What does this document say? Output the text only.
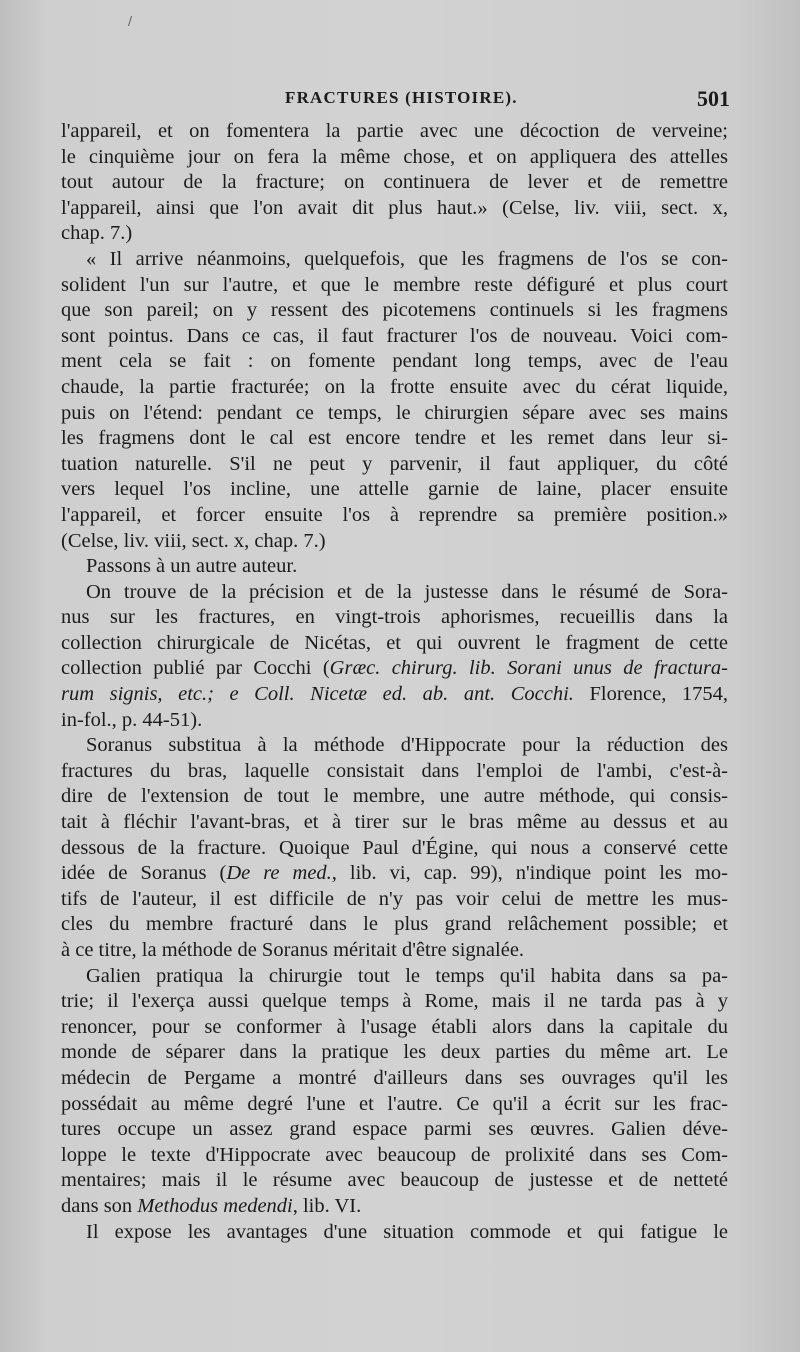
/
FRACTURES (HISTOIRE).	501
l'appareil, et on fomentera la partie avec une décoction de verveine;
le cinquième jour on fera la même chose, et on appliquera des attelles
tout autour de la fracture; on continuera de lever et de remettre
l'appareil, ainsi que l'on avait dit plus haut.» (Celse, liv. viii, sect. x,
chap. 7.)
« Il arrive néanmoins, quelquefois, que les fragmens de l'os se con-
solident l'un sur l'autre, et que le membre reste défiguré et plus court
que son pareil; on y ressent des picotemens continuels si les fragmens
sont pointus. Dans ce cas, il faut fracturer l'os de nouveau. Voici com-
ment cela se fait : on fomente pendant long temps, avec de l'eau
chaude, la partie fracturée; on la frotte ensuite avec du cérat liquide,
puis on l'étend: pendant ce temps, le chirurgien sépare avec ses mains
les fragmens dont le cal est encore tendre et les remet dans leur si-
tuation naturelle. S'il ne peut y parvenir, il faut appliquer, du côté
vers lequel l'os incline, une attelle garnie de laine, placer ensuite
l'appareil, et forcer ensuite l'os à reprendre sa première position.»
(Celse, liv. viii, sect. x, chap. 7.)
Passons à un autre auteur.
On trouve de la précision et de la justesse dans le résumé de Sora-
nus sur les fractures, en vingt-trois aphorismes, recueillis dans la
collection chirurgicale de Nicétas, et qui ouvrent le fragment de cette
collection publié par Cocchi (Græc. chirurg. lib. Sorani unus de fractura-
rum signis, etc.; e Coll. Nicetæ ed. ab. ant. Cocchi. Florence, 1754,
in-fol., p. 44-51).
Soranus substitua à la méthode d'Hippocrate pour la réduction des
fractures du bras, laquelle consistait dans l'emploi de l'ambi, c'est-à-
dire de l'extension de tout le membre, une autre méthode, qui consis-
tait à fléchir l'avant-bras, et à tirer sur le bras même au dessus et au
dessous de la fracture. Quoique Paul d'Égine, qui nous a conservé cette
idée de Soranus (De re med., lib. vi, cap. 99), n'indique point les mo-
tifs de l'auteur, il est difficile de n'y pas voir celui de mettre les mus-
cles du membre fracturé dans le plus grand relâchement possible; et
à ce titre, la méthode de Soranus méritait d'être signalée.
Galien pratiqua la chirurgie tout le temps qu'il habita dans sa pa-
trie; il l'exerça aussi quelque temps à Rome, mais il ne tarda pas à y
renoncer, pour se conformer à l'usage établi alors dans la capitale du
monde de séparer dans la pratique les deux parties du même art. Le
médecin de Pergame a montré d'ailleurs dans ses ouvrages qu'il les
possédait au même degré l'une et l'autre. Ce qu'il a écrit sur les frac-
tures occupe un assez grand espace parmi ses œuvres. Galien déve-
loppe le texte d'Hippocrate avec beaucoup de prolixité dans ses Com-
mentaires; mais il le résume avec beaucoup de justesse et de netteté
dans son Methodus medendi, lib. VI.
Il expose les avantages d'une situation commode et qui fatigue le
